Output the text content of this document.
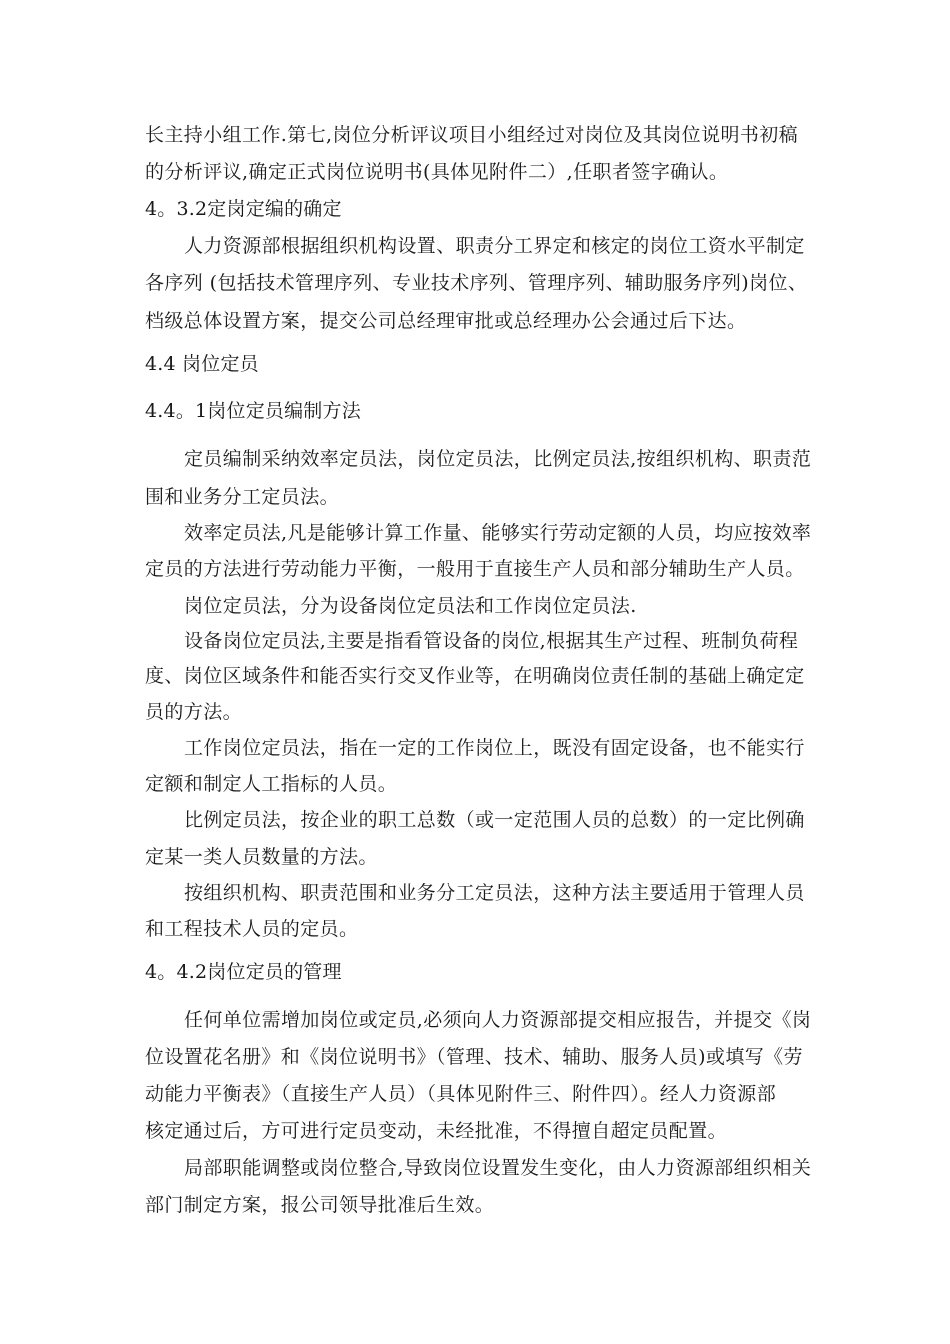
长主持小组工作.第七,岗位分析评议项目小组经过对岗位及其岗位说明书初稿
的分析评议,确定正式岗位说明书(具体见附件二）,任职者签字确认。
4。3.2定岗定编的确定
人力资源部根据组织机构设置、职责分工界定和核定的岗位工资水平制定
各序列 (包括技术管理序列、专业技术序列、管理序列、辅助服务序列)岗位、
档级总体设置方案，提交公司总经理审批或总经理办公会通过后下达。
4.4 岗位定员
4.4。1岗位定员编制方法
定员编制采纳效率定员法，岗位定员法，比例定员法,按组织机构、职责范
围和业务分工定员法。
效率定员法,凡是能够计算工作量、能够实行劳动定额的人员，均应按效率
定员的方法进行劳动能力平衡，一般用于直接生产人员和部分辅助生产人员。
岗位定员法，分为设备岗位定员法和工作岗位定员法.
设备岗位定员法,主要是指看管设备的岗位,根据其生产过程、班制负荷程
度、岗位区域条件和能否实行交叉作业等，在明确岗位责任制的基础上确定定
员的方法。
工作岗位定员法，指在一定的工作岗位上，既没有固定设备，也不能实行
定额和制定人工指标的人员。
比例定员法，按企业的职工总数（或一定范围人员的总数）的一定比例确
定某一类人员数量的方法。
按组织机构、职责范围和业务分工定员法，这种方法主要适用于管理人员
和工程技术人员的定员。
4。4.2岗位定员的管理
任何单位需增加岗位或定员,必须向人力资源部提交相应报告，并提交《岗
位设置花名册》和《岗位说明书》（管理、技术、辅助、服务人员)或填写《劳
动能力平衡表》（直接生产人员）（具体见附件三、附件四）。经人力资源部
核定通过后，方可进行定员变动，未经批准，不得擅自超定员配置。
局部职能调整或岗位整合,导致岗位设置发生变化，由人力资源部组织相关
部门制定方案，报公司领导批准后生效。
